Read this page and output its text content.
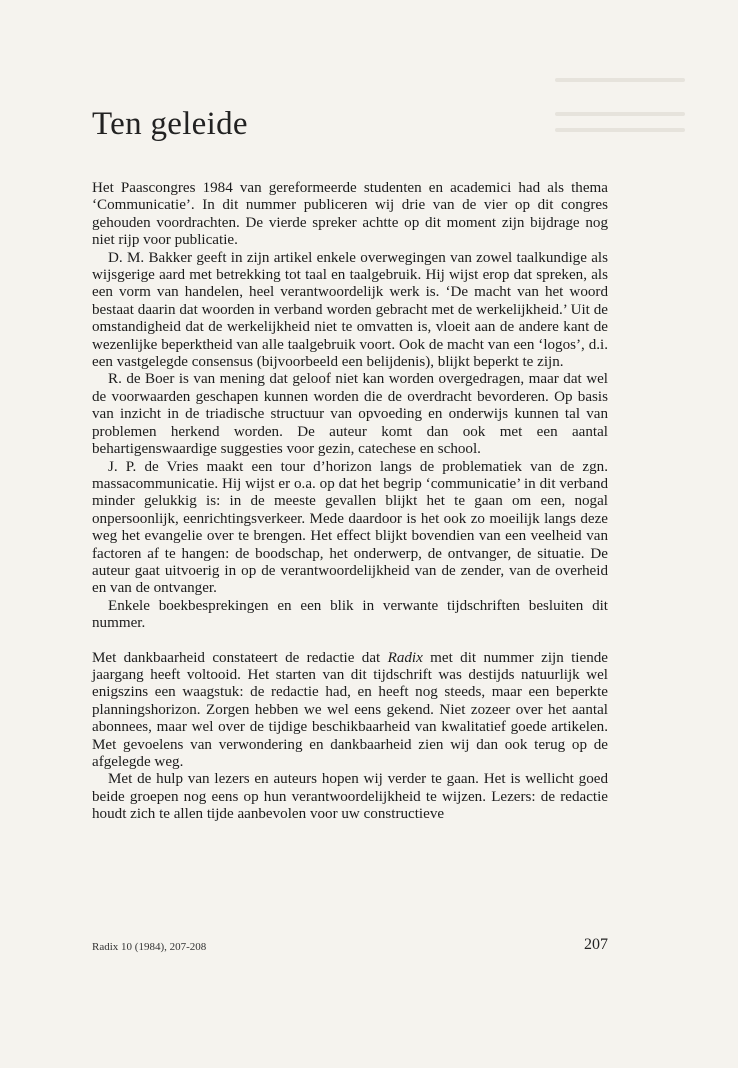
Ten geleide

Het Paascongres 1984 van gereformeerde studenten en academici had als thema ‘Communicatie’. In dit nummer publiceren wij drie van de vier op dit congres gehouden voordrachten. De vierde spreker achtte op dit moment zijn bijdrage nog niet rijp voor publicatie.

D. M. Bakker geeft in zijn artikel enkele overwegingen van zowel taalkundige als wijsgerige aard met betrekking tot taal en taalgebruik. Hij wijst erop dat spreken, als een vorm van handelen, heel verantwoordelijk werk is. ‘De macht van het woord bestaat daarin dat woorden in verband worden gebracht met de werkelijkheid.’ Uit de omstandigheid dat de werkelijkheid niet te omvatten is, vloeit aan de andere kant de wezenlijke beperktheid van alle taalgebruik voort. Ook de macht van een ‘logos’, d.i. een vastgelegde consensus (bijvoorbeeld een belijdenis), blijkt beperkt te zijn.

R. de Boer is van mening dat geloof niet kan worden overgedragen, maar dat wel de voorwaarden geschapen kunnen worden die de overdracht bevorderen. Op basis van inzicht in de triadische structuur van opvoeding en onderwijs kunnen tal van problemen herkend worden. De auteur komt dan ook met een aantal behartigenswaardige suggesties voor gezin, catechese en school.

J. P. de Vries maakt een tour d’horizon langs de problematiek van de zgn. massacommunicatie. Hij wijst er o.a. op dat het begrip ‘communicatie’ in dit verband minder gelukkig is: in de meeste gevallen blijkt het te gaan om een, nogal onpersoonlijk, eenrichtingsverkeer. Mede daardoor is het ook zo moeilijk langs deze weg het evangelie over te brengen. Het effect blijkt bovendien van een veelheid van factoren af te hangen: de boodschap, het onderwerp, de ontvanger, de situatie. De auteur gaat uitvoerig in op de verantwoordelijkheid van de zender, van de overheid en van de ontvanger.

Enkele boekbesprekingen en een blik in verwante tijdschriften besluiten dit nummer.

Met dankbaarheid constateert de redactie dat Radix met dit nummer zijn tiende jaargang heeft voltooid. Het starten van dit tijdschrift was destijds natuurlijk wel enigszins een waagstuk: de redactie had, en heeft nog steeds, maar een beperkte planningshorizon. Zorgen hebben we wel eens gekend. Niet zozeer over het aantal abonnees, maar wel over de tijdige beschikbaarheid van kwalitatief goede artikelen. Met gevoelens van verwondering en dankbaarheid zien wij dan ook terug op de afgelegde weg.

Met de hulp van lezers en auteurs hopen wij verder te gaan. Het is wellicht goed beide groepen nog eens op hun verantwoordelijkheid te wijzen. Lezers: de redactie houdt zich te allen tijde aanbevolen voor uw constructieve

Radix 10 (1984), 207-208	207
